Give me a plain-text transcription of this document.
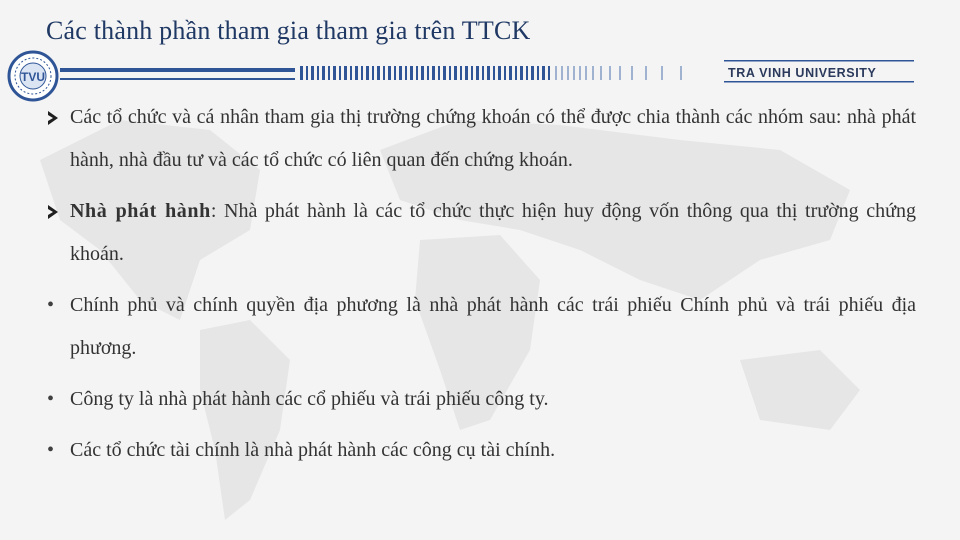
Các thành phần tham gia tham gia trên TTCK
TVU	TRA VINH UNIVERSITY
Các tổ chức và cá nhân tham gia thị trường chứng khoán có thể được chia thành các nhóm sau: nhà phát hành, nhà đầu tư và các tổ chức có liên quan đến chứng khoán.
Nhà phát hành: Nhà phát hành là các tổ chức thực hiện huy động vốn thông qua thị trường chứng khoán.
• Chính phủ và chính quyền địa phương là nhà phát hành các trái phiếu Chính phủ và trái phiếu địa phương.
• Công ty là nhà phát hành các cổ phiếu và trái phiếu công ty.
• Các tổ chức tài chính là nhà phát hành các công cụ tài chính.
